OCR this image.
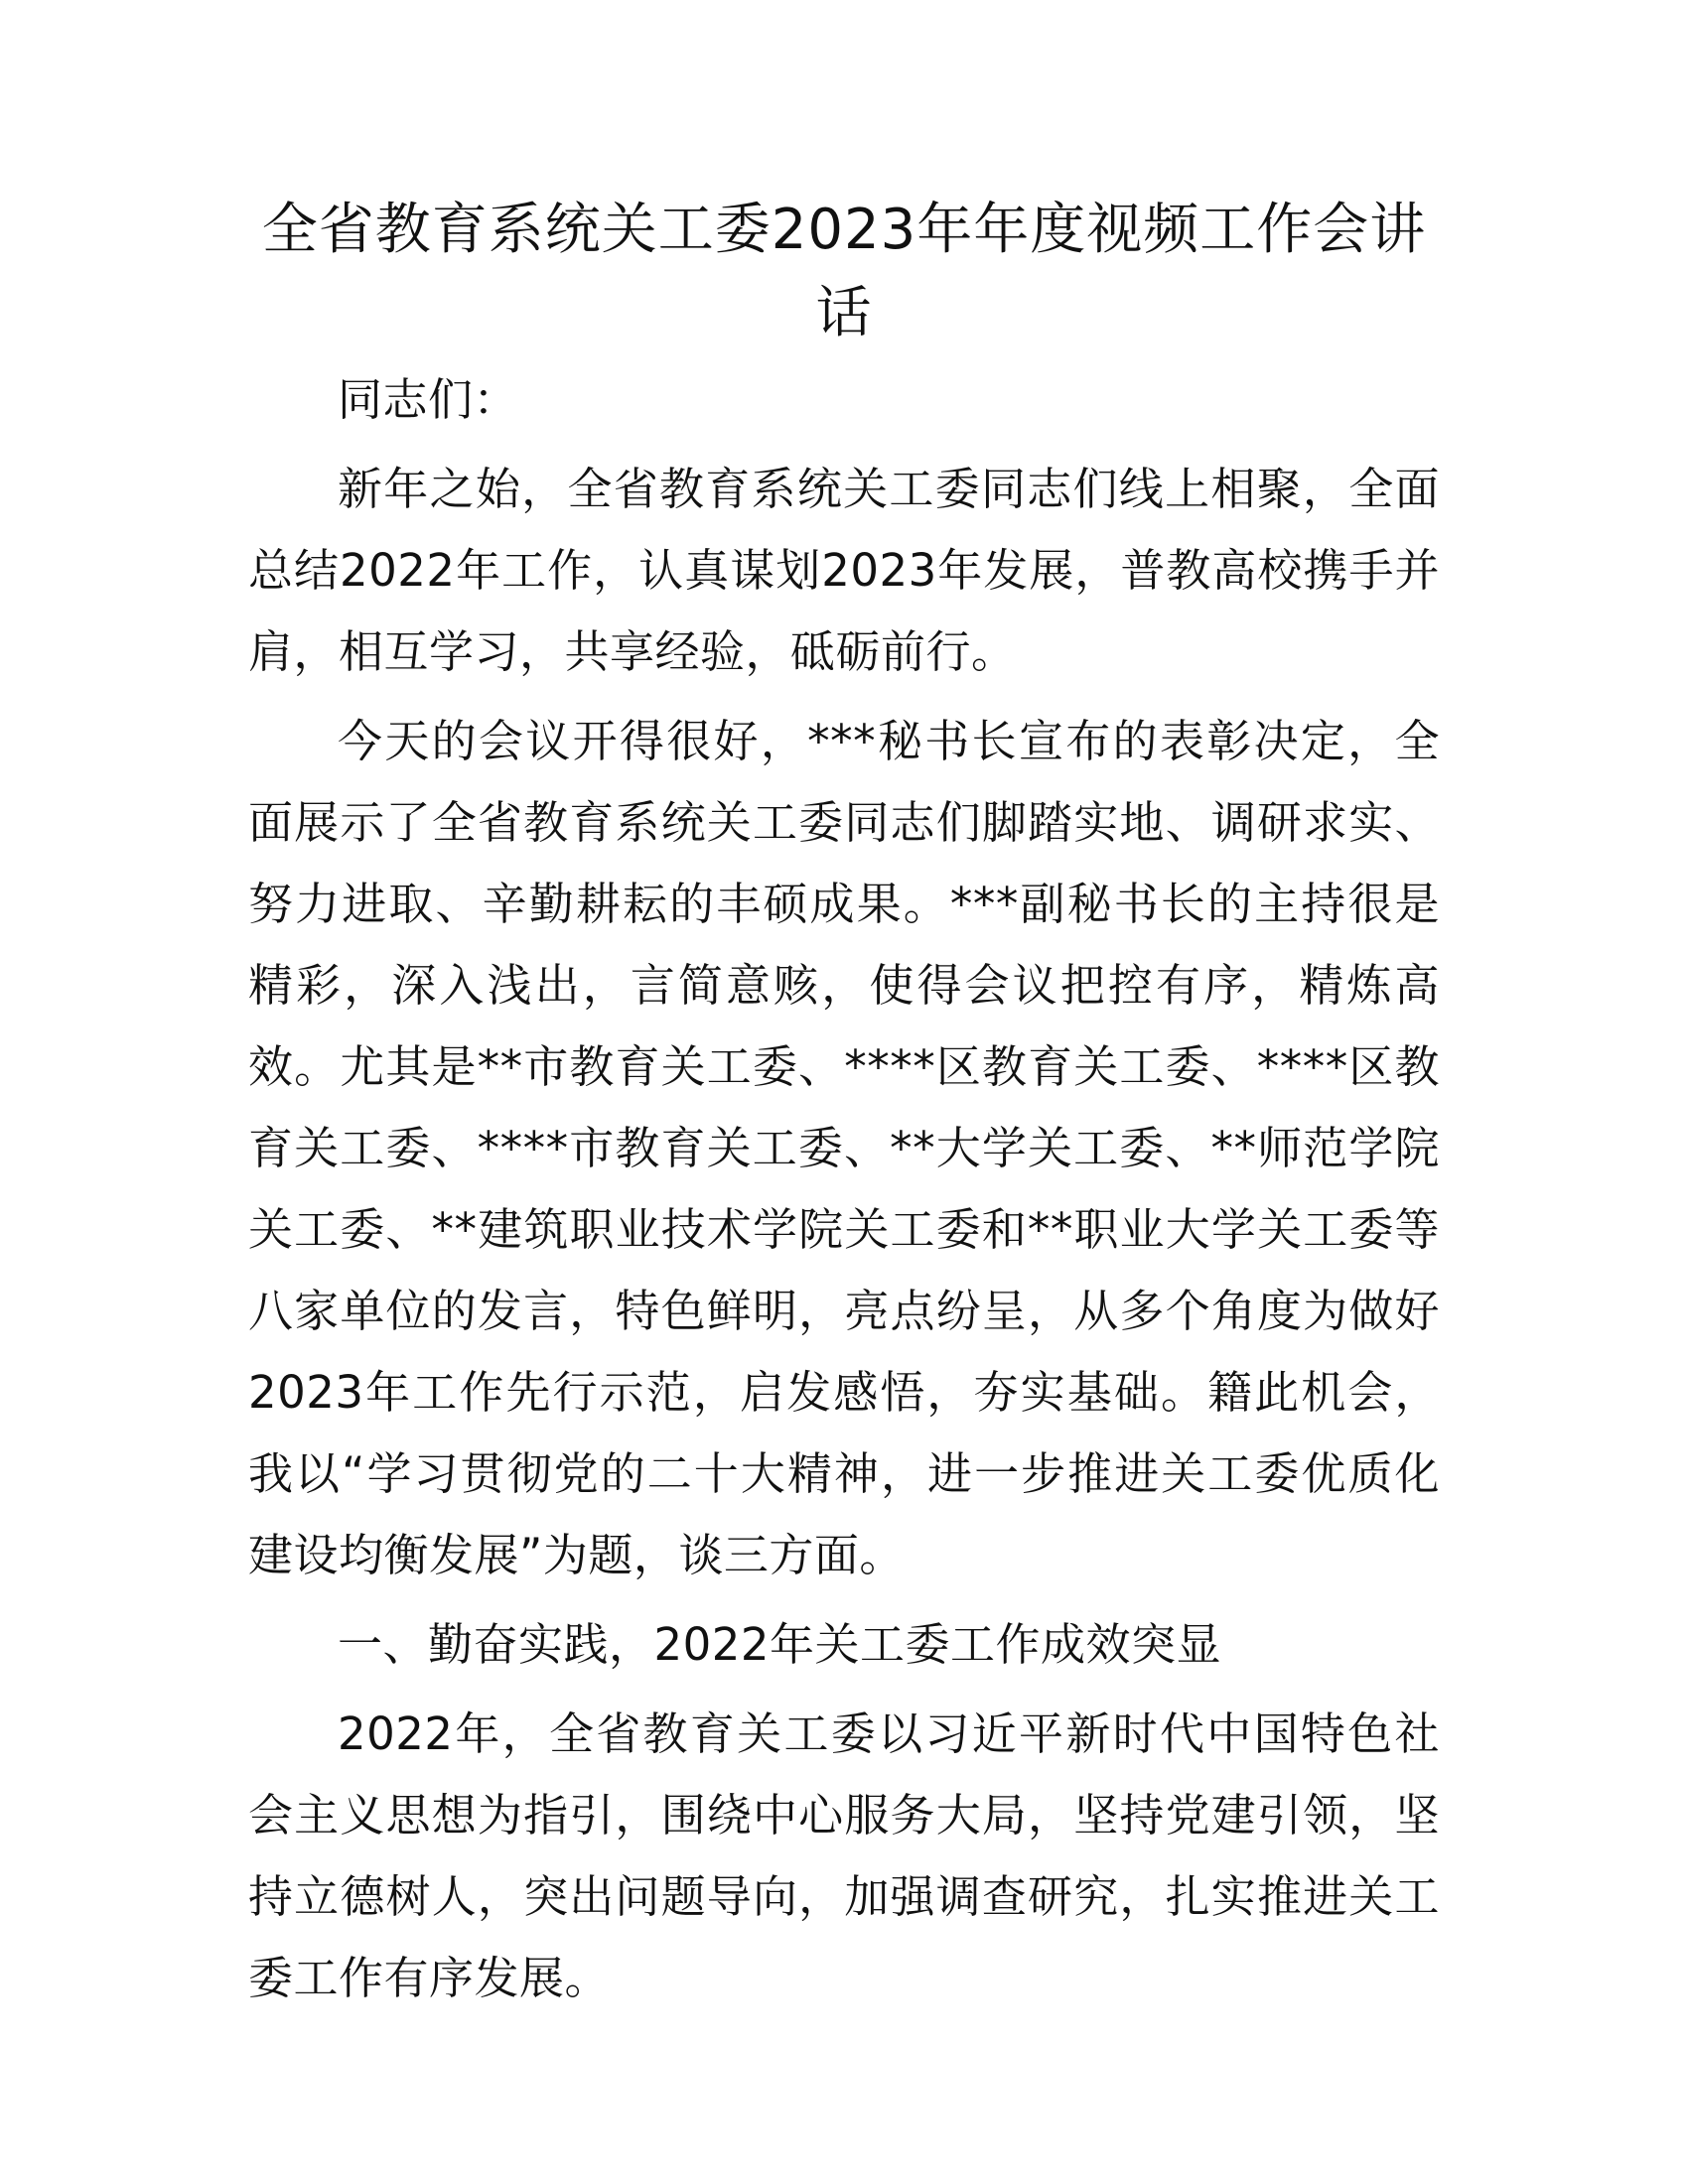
全省教育系统关工委2023年年度视频工作会讲话

同志们：

新年之始，全省教育系统关工委同志们线上相聚，全面总结2022年工作，认真谋划2023年发展，普教高校携手并肩，相互学习，共享经验，砥砺前行。

今天的会议开得很好，***秘书长宣布的表彰决定，全面展示了全省教育系统关工委同志们脚踏实地、调研求实、努力进取、辛勤耕耘的丰硕成果。***副秘书长的主持很是精彩，深入浅出，言简意赅，使得会议把控有序，精炼高效。尤其是**市教育关工委、****区教育关工委、****区教育关工委、****市教育关工委、**大学关工委、**师范学院关工委、**建筑职业技术学院关工委和**职业大学关工委等八家单位的发言，特色鲜明，亮点纷呈，从多个角度为做好2023年工作先行示范，启发感悟，夯实基础。籍此机会，我以“学习贯彻党的二十大精神，进一步推进关工委优质化建设均衡发展”为题，谈三方面。

一、勤奋实践，2022年关工委工作成效突显

2022年，全省教育关工委以习近平新时代中国特色社会主义思想为指引，围绕中心服务大局，坚持党建引领，坚持立德树人，突出问题导向，加强调查研究，扎实推进关工委工作有序发展。
